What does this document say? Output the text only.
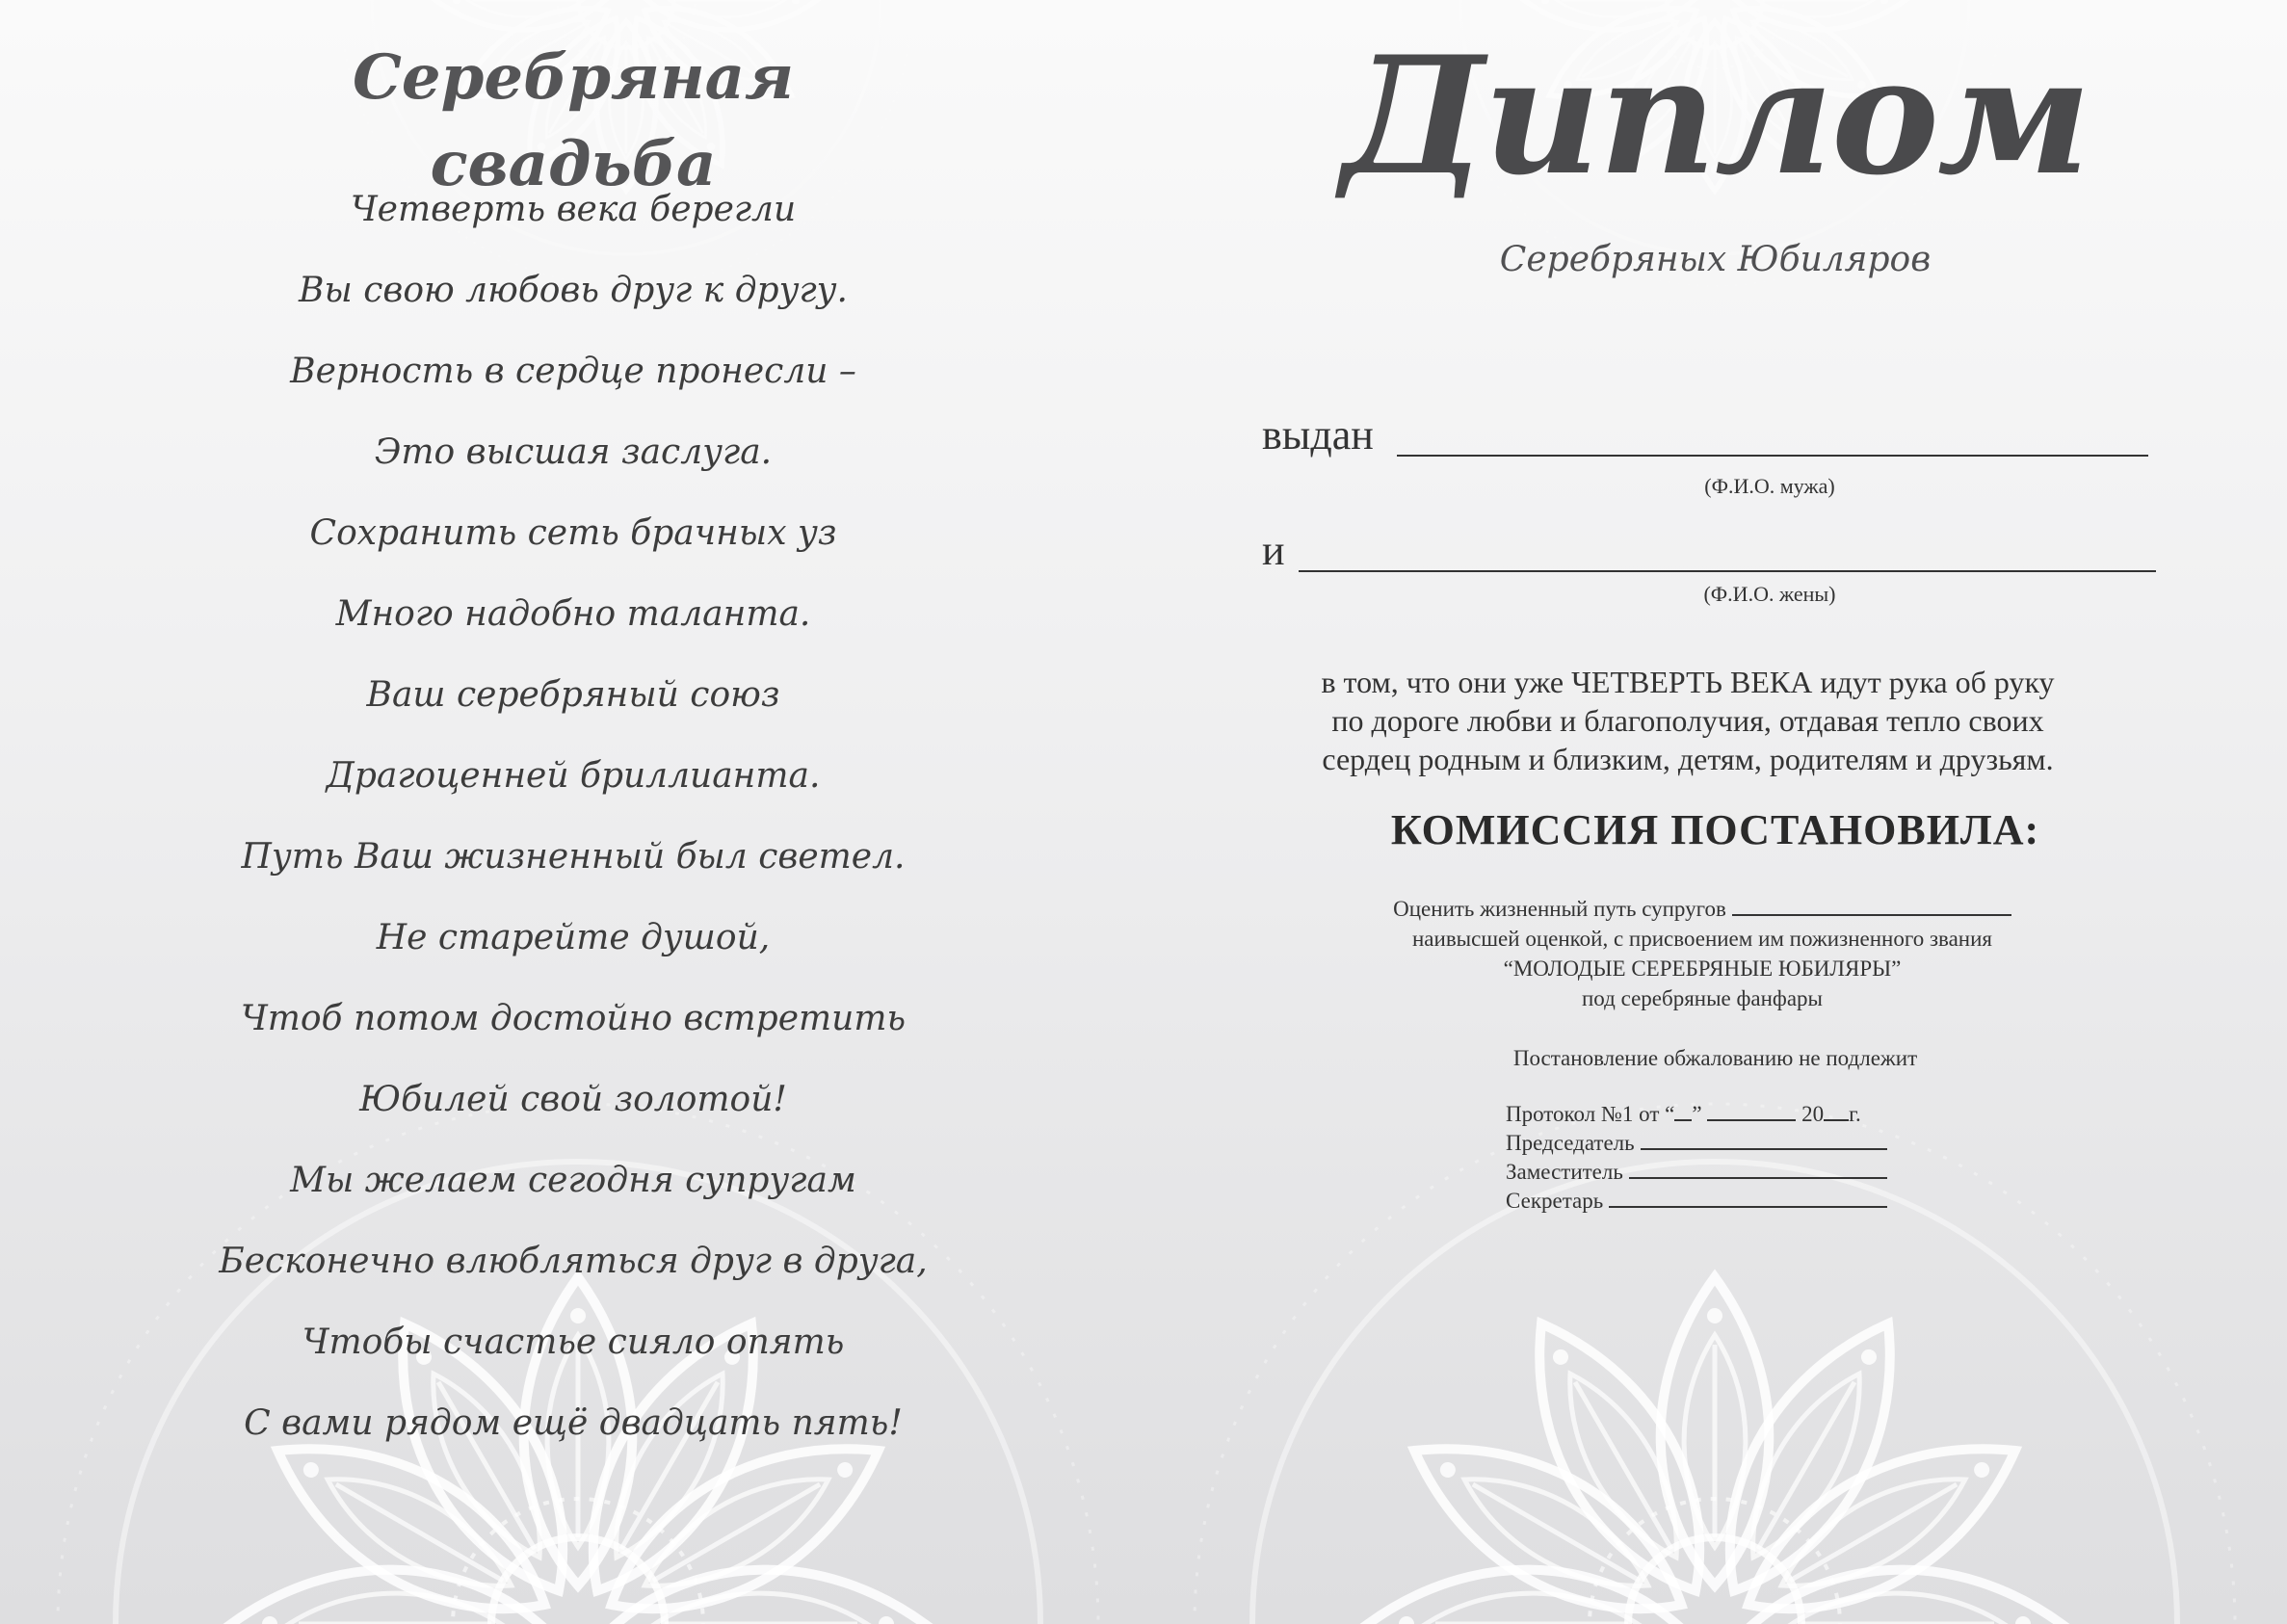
Серебряная свадьба
Четверть века берегли
Вы свою любовь друг к другу.
Верность в сердце пронесли –
Это высшая заслуга.
Сохранить сеть брачных уз
Много надобно таланта.
Ваш серебряный союз
Драгоценней бриллианта.
Путь Ваш жизненный был светел.
Не старейте душой,
Чтоб потом достойно встретить
Юбилей свой золотой!
Мы желаем сегодня супругам
Бесконечно влюбляться друг в друга,
Чтобы счастье сияло опять
С вами рядом ещё двадцать пять!
Диплом
Серебряных Юбиляров
выдан
(Ф.И.О. мужа)
и
(Ф.И.О. жены)
в том, что они уже ЧЕТВЕРТЬ ВЕКА идут рука об руку
по дороге любви и благополучия, отдавая тепло своих
сердец родным и близким, детям, родителям и друзьям.
КОМИССИЯ ПОСТАНОВИЛА:
Оценить жизненный путь супругов
наивысшей оценкой, с присвоением им пожизненного звания
“МОЛОДЫЕ СЕРЕБРЯНЫЕ ЮБИЛЯРЫ”
под серебряные фанфары
Постановление обжалованию не подлежит
Протокол №1 от “ ”

	20 г.
Председатель
Заместитель
Секретарь
